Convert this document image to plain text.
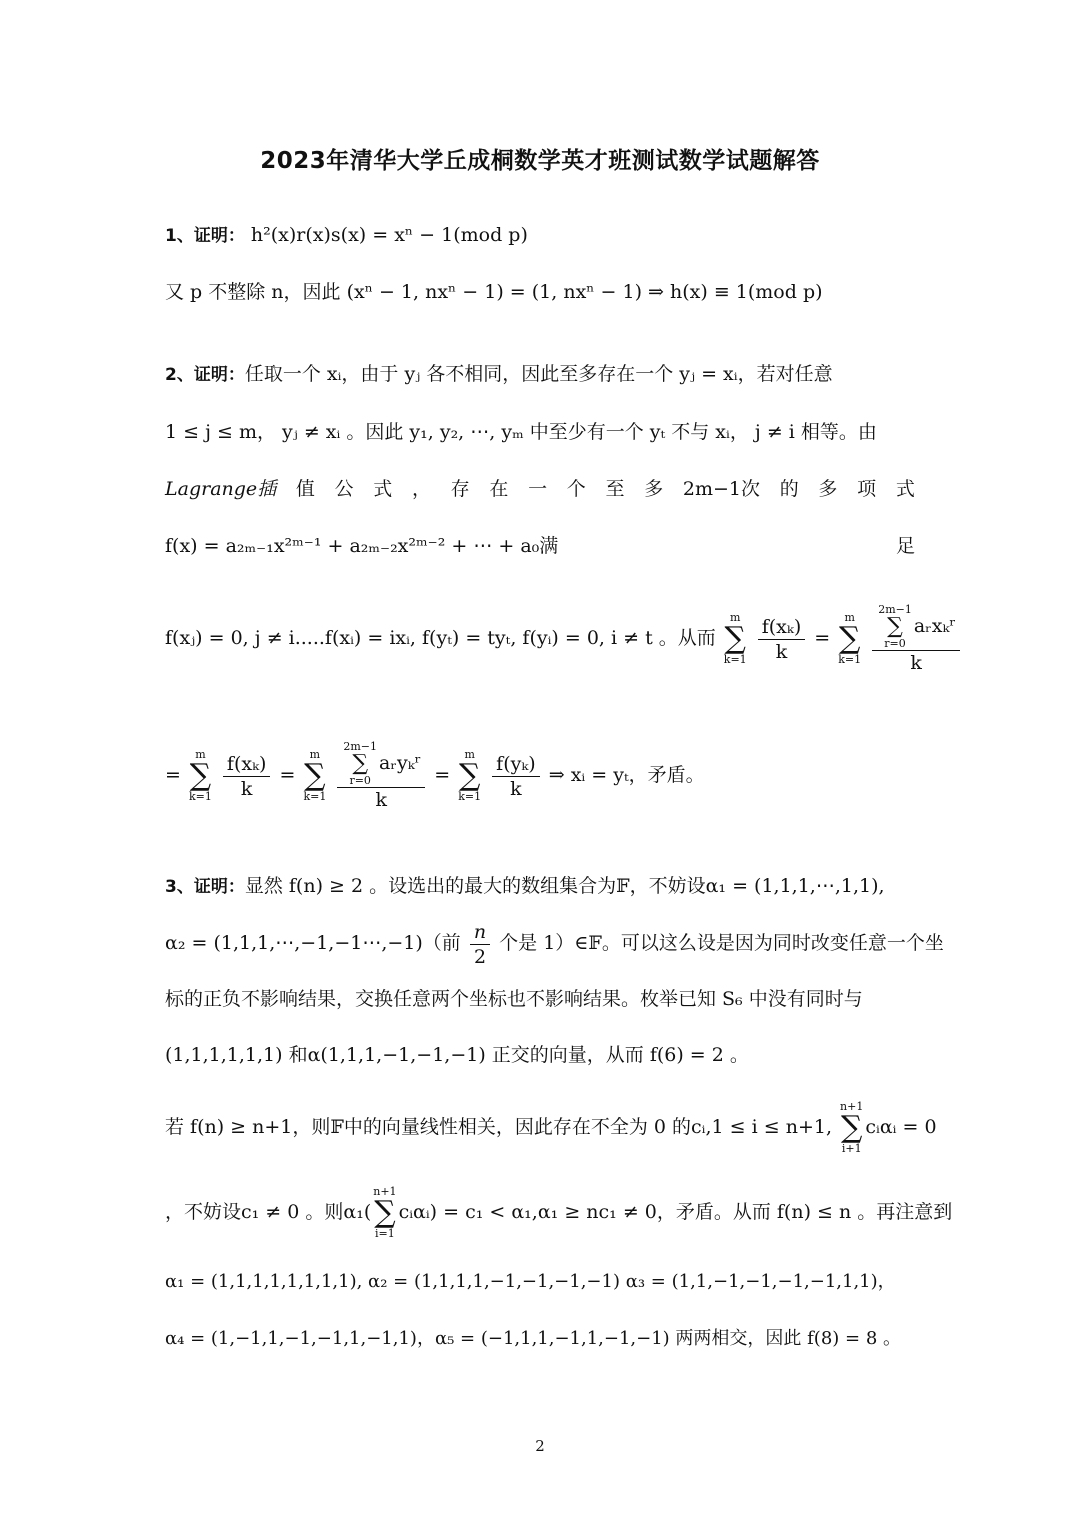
2023年清华大学丘成桐数学英才班测试数学试题解答
1、证明： h²(x)r(x)s(x) = xⁿ − 1(mod p)
又 p 不整除 n，因此 (xⁿ − 1, nxⁿ − 1) = (1, nxⁿ − 1) ⇒ h(x) ≡ 1(mod p)
2、证明：任取一个 xᵢ，由于 yⱼ 各不相同，因此至多存在一个 yⱼ = xᵢ，若对任意
1 ≤ j ≤ m， yⱼ ≠ xᵢ 。因此 y₁, y₂, ⋯, yₘ 中至少有一个 yₜ 不与 xᵢ， j ≠ i 相等。由
Lagrange插 值 公 式 ， 存 在 一 个 至 多 2m−1次 的 多 项 式
f(x) = a₂ₘ₋₁x²ᵐ⁻¹ + a₂ₘ₋₂x²ᵐ⁻² + ⋯ + a₀满	足
f(xⱼ) = 0, j ≠ i.....f(xᵢ) = ixᵢ, f(yₜ) = tyₜ, f(yᵢ) = 0, i ≠ t 。从而
m
∑
k=1
$\frac{\text{f(xₖ)}}{k}$ =
m
∑
k=1
2m−1
∑
r=0
aᵣxₖʳ
k
=
m
∑
k=1
$\frac{\text{f(xₖ)}}{k}$ =
m
∑
k=1
2m−1
∑
r=0
aᵣyₖʳ
k =
m
∑
k=1
$\frac{\text{f(yₖ)}}{k}$ ⇒ xᵢ = yₜ，矛盾。
3、证明：显然 f(n) ≥ 2 。设选出的最大的数组集合为𝔽，不妨设α₁ = (1,1,1,⋯,1,1),
α₂ = (1,1,1,⋯,−1,−1⋯,−1)（前 $\frac{n}{2}$ 个是 1）∈𝔽。可以这么设是因为同时改变任意一个坐
标的正负不影响结果，交换任意两个坐标也不影响结果。枚举已知 S₆ 中没有同时与
(1,1,1,1,1,1) 和α(1,1,1,−1,−1,−1) 正交的向量，从而 f(6) = 2 。
若 f(n) ≥ n+1，则𝔽中的向量线性相关，因此存在不全为 0 的cᵢ,1 ≤ i ≤ n+1,
n+1
∑
i+1
cᵢαᵢ = 0
，不妨设c₁ ≠ 0 。则α₁(
n+1
∑
i=1
cᵢαᵢ) = c₁ < α₁,α₁ ≥ nc₁ ≠ 0，矛盾。从而 f(n) ≤ n 。再注意到
α₁ = (1,1,1,1,1,1,1,1), α₂ = (1,1,1,1,−1,−1,−1,−1) α₃ = (1,1,−1,−1,−1,−1,1,1)，
α₄ = (1,−1,1,−1,−1,1,−1,1)，α₅ = (−1,1,1,−1,1,−1,−1) 两两相交，因此 f(8) = 8 。
2
